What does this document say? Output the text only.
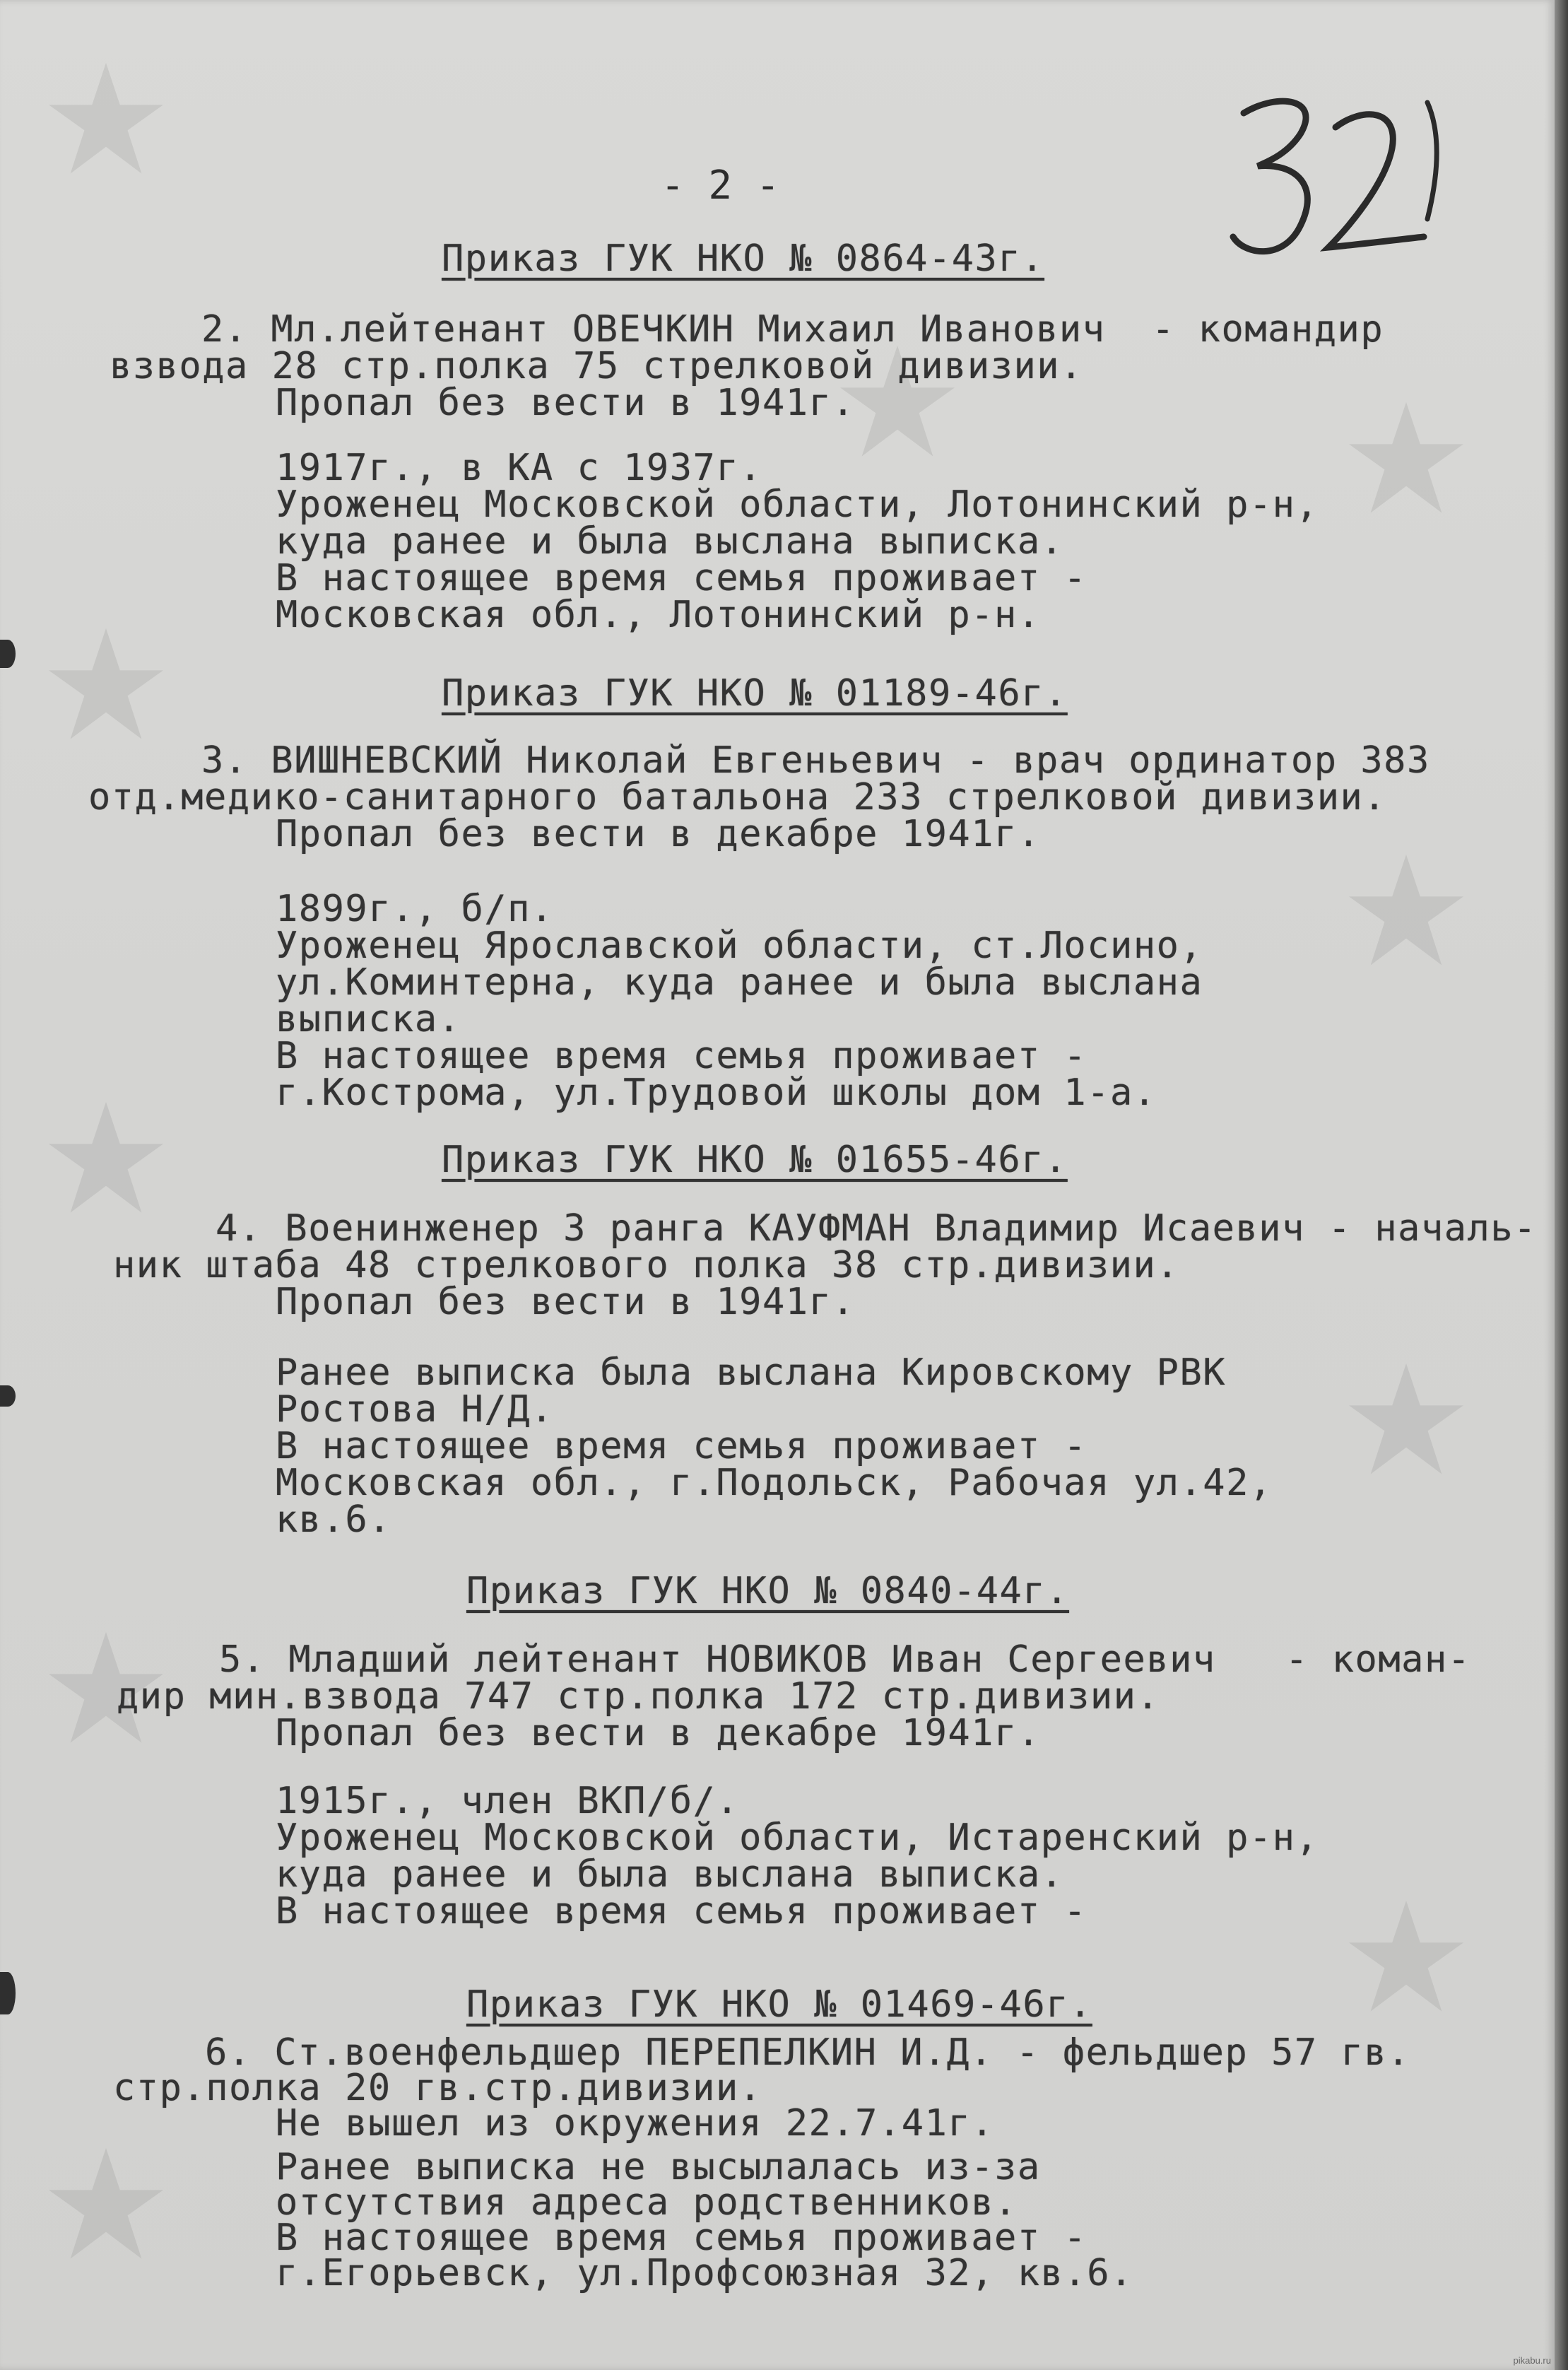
- 2 -
Приказ ГУК НКО № 0864-43г.
2. Мл.лейтенант ОВЕЧКИН Михаил Иванович  - командир
взвода 28 стр.полка 75 стрелковой дивизии.
Пропал без вести в 1941г.
1917г., в КА с 1937г.
Уроженец Московской области, Лотонинский р-н,
куда ранее и была выслана выписка.
В настоящее время семья проживает -
Московская обл., Лотонинский р-н.
Приказ ГУК НКО № 01189-46г.
3. ВИШНЕВСКИЙ Николай Евгеньевич - врач ординатор 383
отд.медико-санитарного батальона 233 стрелковой дивизии.
Пропал без вести в декабре 1941г.
1899г., б/п.
Уроженец Ярославской области, ст.Лосино,
ул.Коминтерна, куда ранее и была выслана
выписка.
В настоящее время семья проживает -
г.Кострома, ул.Трудовой школы дом 1-а.
Приказ ГУК НКО № 01655-46г.
4. Военинженер 3 ранга КАУФМАН Владимир Исаевич - началь-
ник штаба 48 стрелкового полка 38 стр.дивизии.
Пропал без вести в 1941г.
Ранее выписка была выслана Кировскому РВК
Ростова Н/Д.
В настоящее время семья проживает -
Московская обл., г.Подольск, Рабочая ул.42,
кв.6.
Приказ ГУК НКО № 0840-44г.
5. Младший лейтенант НОВИКОВ Иван Сергеевич   - коман-
дир мин.взвода 747 стр.полка 172 стр.дивизии.
Пропал без вести в декабре 1941г.
1915г., член ВКП/б/.
Уроженец Московской области, Истаренский р-н,
куда ранее и была выслана выписка.
В настоящее время семья проживает -
Приказ ГУК НКО № 01469-46г.
6. Ст.военфельдшер ПЕРЕПЕЛКИН И.Д. - фельдшер 57 гв.
стр.полка 20 гв.стр.дивизии.
Не вышел из окружения 22.7.41г.
Ранее выписка не высылалась из-за
отсутствия адреса родственников.
В настоящее время семья проживает -
г.Егорьевск, ул.Профсоюзная 32, кв.6.
pikabu.ru
